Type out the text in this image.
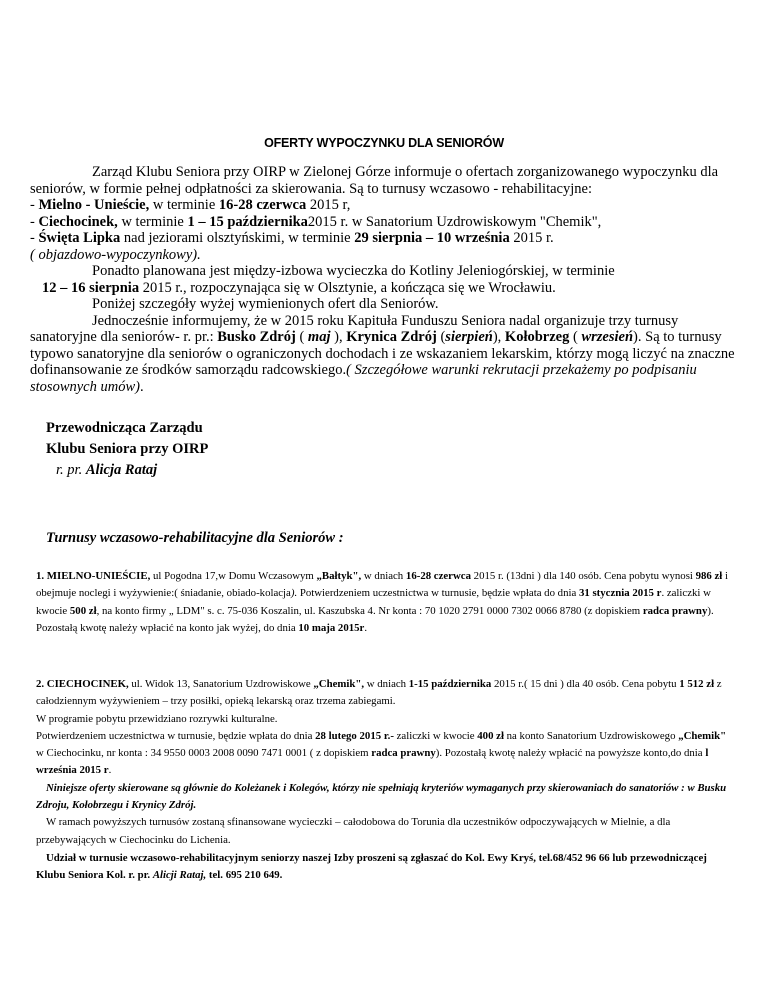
OFERTY WYPOCZYNKU DLA SENIORÓW

Zarząd Klubu Seniora przy OIRP w Zielonej Górze informuje o ofertach zorganizowanego wypoczynku dla seniorów, w formie pełnej odpłatności za skierowania. Są to turnusy wczasowo - rehabilitacyjne:

- Mielno - Unieście, w terminie 16-28 czerwca 2015 r,

- Ciechocinek, w terminie 1 – 15 października2015 r. w Sanatorium Uzdrowiskowym "Chemik",

- Święta Lipka nad jeziorami olsztyńskimi, w terminie 29 sierpnia – 10 września 2015 r.

( objazdowo-wypoczynkowy).

Ponadto planowana jest między-izbowa wycieczka do Kotliny Jeleniogórskiej, w terminie
12 – 16 sierpnia 2015 r., rozpoczynająca się w Olsztynie, a kończąca się we Wrocławiu.

Poniżej szczegóły wyżej wymienionych ofert dla Seniorów.

Jednocześnie informujemy, że w 2015 roku Kapituła Funduszu Seniora nadal organizuje trzy turnusy sanatoryjne dla seniorów- r. pr.: Busko Zdrój ( maj ), Krynica Zdrój (sierpień), Kołobrzeg ( wrzesień). Są to turnusy typowo sanatoryjne dla seniorów o ograniczonych dochodach i ze wskazaniem lekarskim, którzy mogą liczyć na znaczne dofinansowanie ze środków samorządu radcowskiego.( Szczegółowe warunki rekrutacji przekażemy po podpisaniu stosownych umów).

Przewodnicząca Zarządu
Klubu Seniora przy OIRP
r. pr. Alicja Rataj
Turnusy wczasowo-rehabilitacyjne dla Seniorów :

1. MIELNO-UNIEŚCIE, ul Pogodna 17,w Domu Wczasowym „Bałtyk", w dniach 16-28 czerwca 2015 r. (13dni ) dla 140 osób. Cena pobytu wynosi 986 zł i obejmuje noclegi i wyżywienie:( śniadanie, obiado-kolacja). Potwierdzeniem uczestnictwa w turnusie, będzie wpłata do dnia 31 stycznia 2015 r. zaliczki w kwocie 500 zł, na konto firmy „ LDM" s. c. 75-036 Koszalin, ul. Kaszubska 4. Nr konta : 70 1020 2791 0000 7302 0066 8780 (z dopiskiem radca prawny). Pozostałą kwotę należy wpłacić na konto jak wyżej, do dnia 10 maja 2015r.

2. CIECHOCINEK, ul. Widok 13, Sanatorium Uzdrowiskowe „Chemik", w dniach 1-15 października 2015 r.( 15 dni ) dla 40 osób. Cena pobytu 1 512 zł z całodziennym wyżywieniem – trzy posiłki, opieką lekarską oraz trzema zabiegami.

W programie pobytu przewidziano rozrywki kulturalne.

Potwierdzeniem uczestnictwa w turnusie, będzie wpłata do dnia 28 lutego 2015 r.- zaliczki w kwocie 400 zł na konto Sanatorium Uzdrowiskowego „Chemik" w Ciechocinku, nr konta : 34 9550 0003 2008 0090 7471 0001 ( z dopiskiem radca prawny). Pozostałą kwotę należy wpłacić na powyższe konto,do dnia l września 2015 r.

Niniejsze oferty skierowane są głównie do Koleżanek i Kolegów, którzy nie spełniają kryteriów wymaganych przy skierowaniach do sanatoriów : w Busku Zdroju, Kołobrzegu i Krynicy Zdrój.

W ramach powyższych turnusów zostaną sfinansowane wycieczki – całodobowa do Torunia dla uczestników odpoczywających w Mielnie, a dla przebywających w Ciechocinku do Lichenia.

Udział w turnusie wczasowo-rehabilitacyjnym seniorzy naszej Izby proszeni są zgłaszać do Kol. Ewy Kryś, tel.68/452 96 66 lub przewodniczącej Klubu Seniora Kol. r. pr. Alicji Rataj, tel. 695 210 649.
